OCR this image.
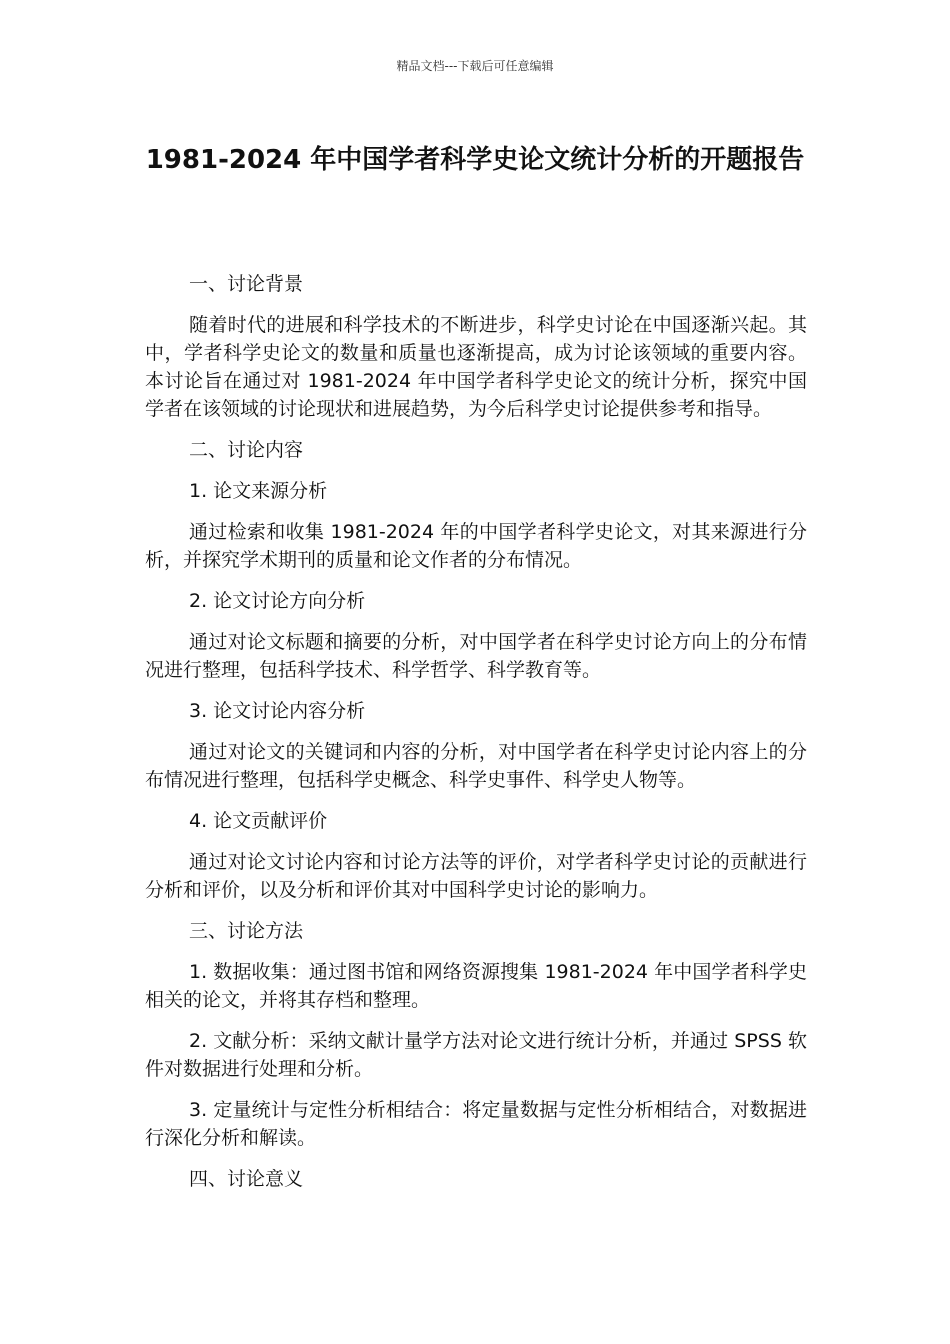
精品文档---下载后可任意编辑
1981-2024 年中国学者科学史论文统计分析的开题报告

一、讨论背景

随着时代的进展和科学技术的不断进步，科学史讨论在中国逐渐兴起。其中，学者科学史论文的数量和质量也逐渐提高，成为讨论该领域的重要内容。本讨论旨在通过对 1981-2024 年中国学者科学史论文的统计分析，探究中国学者在该领域的讨论现状和进展趋势，为今后科学史讨论提供参考和指导。

二、讨论内容

1. 论文来源分析

通过检索和收集 1981-2024 年的中国学者科学史论文，对其来源进行分析，并探究学术期刊的质量和论文作者的分布情况。

2. 论文讨论方向分析

通过对论文标题和摘要的分析，对中国学者在科学史讨论方向上的分布情况进行整理，包括科学技术、科学哲学、科学教育等。

3. 论文讨论内容分析

通过对论文的关键词和内容的分析，对中国学者在科学史讨论内容上的分布情况进行整理，包括科学史概念、科学史事件、科学史人物等。

4. 论文贡献评价

通过对论文讨论内容和讨论方法等的评价，对学者科学史讨论的贡献进行分析和评价，以及分析和评价其对中国科学史讨论的影响力。

三、讨论方法

1. 数据收集：通过图书馆和网络资源搜集 1981-2024 年中国学者科学史相关的论文，并将其存档和整理。

2. 文献分析：采纳文献计量学方法对论文进行统计分析，并通过 SPSS 软件对数据进行处理和分析。

3. 定量统计与定性分析相结合：将定量数据与定性分析相结合，对数据进行深化分析和解读。

四、讨论意义
